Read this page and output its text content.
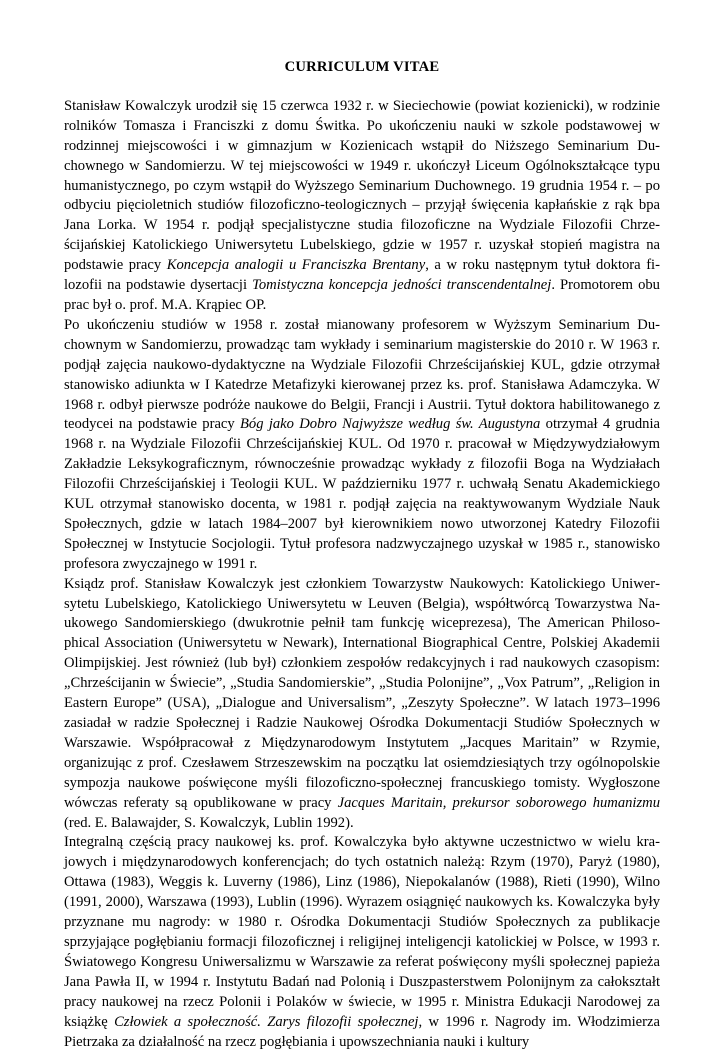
CURRICULUM VITAE

Stanisław Kowalczyk urodził się 15 czerwca 1932 r. w Sieciechowie (powiat kozienicki), w rodzinie rolników Tomasza i Franciszki z domu Świtka. Po ukończeniu nauki w szkole podstawowej w rodzinnej miejscowości i w gimnazjum w Kozienicach wstąpił do Niższego Seminarium Duchownego w Sandomierzu. W tej miejscowości w 1949 r. ukończył Liceum Ogólnokształcące typu humanistycznego, po czym wstąpił do Wyższego Seminarium Duchownego. 19 grudnia 1954 r. – po odbyciu pięcioletnich studiów filozoficzno-teologicznych – przyjął święcenia kapłańskie z rąk bpa Jana Lorka. W 1954 r. podjął specjalistyczne studia filozoficzne na Wydziale Filozofii Chrześcijańskiej Katolickiego Uniwersytetu Lubelskiego, gdzie w 1957 r. uzyskał stopień magistra na podstawie pracy Koncepcja analogii u Franciszka Brentany, a w roku następnym tytuł doktora filozofii na podstawie dysertacji Tomistyczna koncepcja jedności transcendentalnej. Promotorem obu prac był o. prof. M.A. Krąpiec OP.

Po ukończeniu studiów w 1958 r. został mianowany profesorem w Wyższym Seminarium Duchownym w Sandomierzu, prowadząc tam wykłady i seminarium magisterskie do 2010 r. W 1963 r. podjął zajęcia naukowo-dydaktyczne na Wydziale Filozofii Chrześcijańskiej KUL, gdzie otrzymał stanowisko adiunkta w I Katedrze Metafizyki kierowanej przez ks. prof. Stanisława Adamczyka. W 1968 r. odbył pierwsze podróże naukowe do Belgii, Francji i Austrii. Tytuł doktora habilitowanego z teodycei na podstawie pracy Bóg jako Dobro Najwyższe według św. Augustyna otrzymał 4 grudnia 1968 r. na Wydziale Filozofii Chrześcijańskiej KUL. Od 1970 r. pracował w Międzywydziałowym Zakładzie Leksykograficznym, równocześnie prowadząc wykłady z filozofii Boga na Wydziałach Filozofii Chrześcijańskiej i Teologii KUL. W październiku 1977 r. uchwałą Senatu Akademickiego KUL otrzymał stanowisko docenta, w 1981 r. podjął zajęcia na reaktywowanym Wydziale Nauk Społecznych, gdzie w latach 1984–2007 był kierownikiem nowo utworzonej Katedry Filozofii Społecznej w Instytucie Socjologii. Tytuł profesora nadzwyczajnego uzyskał w 1985 r., stanowisko profesora zwyczajnego w 1991 r.

Ksiądz prof. Stanisław Kowalczyk jest członkiem Towarzystw Naukowych: Katolickiego Uniwersytetu Lubelskiego, Katolickiego Uniwersytetu w Leuven (Belgia), współtwórcą Towarzystwa Naukowego Sandomierskiego (dwukrotnie pełnił tam funkcję wiceprezesa), The American Philosophical Association (Uniwersytetu w Newark), International Biographical Centre, Polskiej Akademii Olimpijskiej. Jest również (lub był) członkiem zespołów redakcyjnych i rad naukowych czasopism: „Chrześcijanin w Świecie”, „Studia Sandomierskie”, „Studia Polonijne”, „Vox Patrum”, „Religion in Eastern Europe” (USA), „Dialogue and Universalism”, „Zeszyty Społeczne”. W latach 1973–1996 zasiadał w radzie Społecznej i Radzie Naukowej Ośrodka Dokumentacji Studiów Społecznych w Warszawie. Współpracował z Międzynarodowym Instytutem „Jacques Maritain” w Rzymie, organizując z prof. Czesławem Strzeszewskim na początku lat osiemdziesiątych trzy ogólnopolskie sympozja naukowe poświęcone myśli filozoficzno-społecznej francuskiego tomisty. Wygłoszone wówczas referaty są opublikowane w pracy Jacques Maritain, prekursor soborowego humanizmu (red. E. Balawajder, S. Kowalczyk, Lublin 1992).

Integralną częścią pracy naukowej ks. prof. Kowalczyka było aktywne uczestnictwo w wielu krajowych i międzynarodowych konferencjach; do tych ostatnich należą: Rzym (1970), Paryż (1980), Ottawa (1983), Weggis k. Luverny (1986), Linz (1986), Niepokalanów (1988), Rieti (1990), Wilno (1991, 2000), Warszawa (1993), Lublin (1996). Wyrazem osiągnięć naukowych ks. Kowalczyka były przyznane mu nagrody: w 1980 r. Ośrodka Dokumentacji Studiów Społecznych za publikacje sprzyjające pogłębianiu formacji filozoficznej i religijnej inteligencji katolickiej w Polsce, w 1993 r. Światowego Kongresu Uniwersalizmu w Warszawie za referat poświęcony myśli społecznej papieża Jana Pawła II, w 1994 r. Instytutu Badań nad Polonią i Duszpasterstwem Polonijnym za całokształt pracy naukowej na rzecz Polonii i Polaków w świecie, w 1995 r. Ministra Edukacji Narodowej za książkę Człowiek a społeczność. Zarys filozofii społecznej, w 1996 r. Nagrody im. Włodzimierza Pietrzaka za działalność na rzecz pogłębiania i upowszechniania nauki i kultury
